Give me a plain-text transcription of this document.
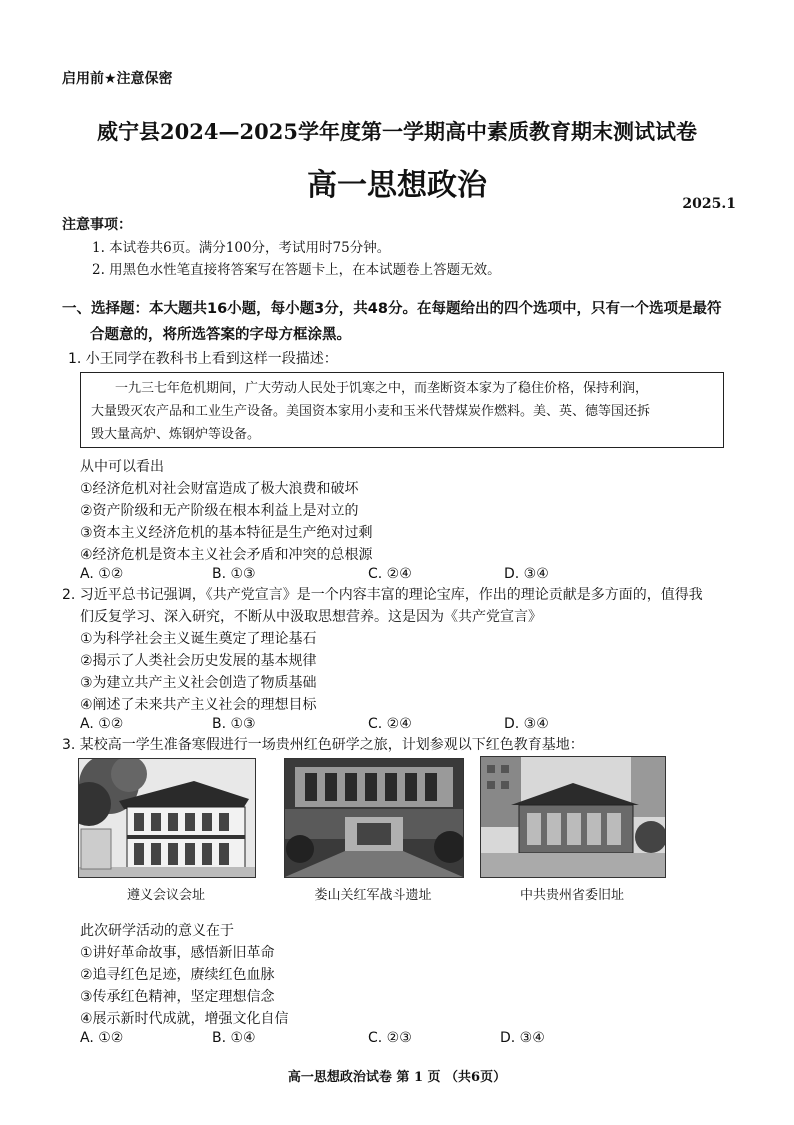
启用前★注意保密
威宁县2024—2025学年度第一学期高中素质教育期末测试试卷
高一思想政治
2025.1
注意事项：
1. 本试卷共6页。满分100分，考试用时75分钟。
2. 用黑色水性笔直接将答案写在答题卡上，在本试题卷上答题无效。
一、选择题：本大题共16小题，每小题3分，共48分。在每题给出的四个选项中，只有一个选项是最符
合题意的，将所选答案的字母方框涂黑。
1. 小王同学在教科书上看到这样一段描述：
一九三七年危机期间，广大劳动人民处于饥寒之中，而垄断资本家为了稳住价格，保持利润，
大量毁灭农产品和工业生产设备。美国资本家用小麦和玉米代替煤炭作燃料。美、英、德等国还拆
毁大量高炉、炼钢炉等设备。
从中可以看出
①经济危机对社会财富造成了极大浪费和破坏
②资产阶级和无产阶级在根本利益上是对立的
③资本主义经济危机的基本特征是生产绝对过剩
④经济危机是资本主义社会矛盾和冲突的总根源
A. ①②	B. ①③	C. ②④	D. ③④
2. 习近平总书记强调，《共产党宣言》是一个内容丰富的理论宝库，作出的理论贡献是多方面的，值得我
们反复学习、深入研究，不断从中汲取思想营养。这是因为《共产党宣言》
①为科学社会主义诞生奠定了理论基石
②揭示了人类社会历史发展的基本规律
③为建立共产主义社会创造了物质基础
④阐述了未来共产主义社会的理想目标
A. ①②	B. ①③	C. ②④	D. ③④
3. 某校高一学生准备寒假进行一场贵州红色研学之旅，计划参观以下红色教育基地：
遵义会议会址	娄山关红军战斗遗址	中共贵州省委旧址
此次研学活动的意义在于
①讲好革命故事，感悟新旧革命
②追寻红色足迹，赓续红色血脉
③传承红色精神，坚定理想信念
④展示新时代成就，增强文化自信
A. ①②	B. ①④	C. ②③	D. ③④
高一思想政治试卷 第 1 页 （共6页）
